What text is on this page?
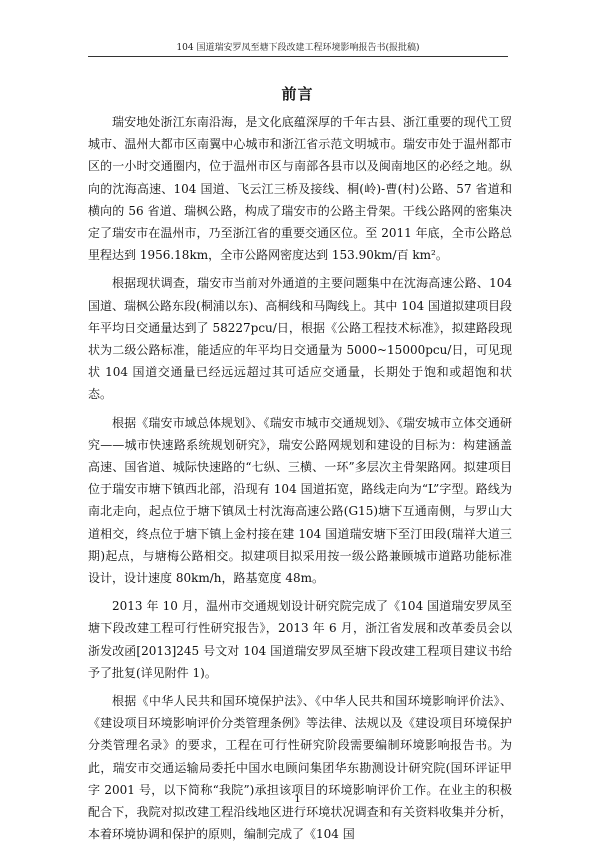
104 国道瑞安罗凤至塘下段改建工程环境影响报告书(报批稿)
前言

瑞安地处浙江东南沿海，是文化底蕴深厚的千年古县、浙江重要的现代工贸城市、温州大都市区南翼中心城市和浙江省示范文明城市。瑞安市处于温州都市区的一小时交通圈内，位于温州市区与南部各县市以及闽南地区的必经之地。纵向的沈海高速、104 国道、飞云江三桥及接线、桐(岭)-曹(村)公路、57 省道和横向的 56 省道、瑞枫公路，构成了瑞安市的公路主骨架。干线公路网的密集决定了瑞安市在温州市，乃至浙江省的重要交通区位。至 2011 年底，全市公路总里程达到 1956.18km，全市公路网密度达到 153.90km/百 km²。

根据现状调查，瑞安市当前对外通道的主要问题集中在沈海高速公路、104 国道、瑞枫公路东段(桐浦以东)、高桐线和马陶线上。其中 104 国道拟建项目段年平均日交通量达到了 58227pcu/日，根据《公路工程技术标准》，拟建路段现状为二级公路标准，能适应的年平均日交通量为 5000~15000pcu/日，可见现状 104 国道交通量已经远远超过其可适应交通量，长期处于饱和或超饱和状态。

根据《瑞安市域总体规划》、《瑞安市城市交通规划》、《瑞安城市立体交通研究——城市快速路系统规划研究》，瑞安公路网规划和建设的目标为：构建涵盖高速、国省道、城际快速路的“七纵、三横、一环”多层次主骨架路网。拟建项目位于瑞安市塘下镇西北部，沿现有 104 国道拓宽，路线走向为“L”字型。路线为南北走向，起点位于塘下镇凤士村沈海高速公路(G15)塘下互通南侧，与罗山大道相交，终点位于塘下镇上金村接在建 104 国道瑞安塘下至汀田段(瑞祥大道三期)起点，与塘梅公路相交。拟建项目拟采用按一级公路兼顾城市道路功能标准设计，设计速度 80km/h，路基宽度 48m。

2013 年 10 月，温州市交通规划设计研究院完成了《104 国道瑞安罗凤至塘下段改建工程可行性研究报告》，2013 年 6 月，浙江省发展和改革委员会以浙发改函[2013]245 号文对 104 国道瑞安罗凤至塘下段改建工程项目建议书给予了批复(详见附件 1)。

根据《中华人民共和国环境保护法》、《中华人民共和国环境影响评价法》、《建设项目环境影响评价分类管理条例》等法律、法规以及《建设项目环境保护分类管理名录》的要求，工程在可行性研究阶段需要编制环境影响报告书。为此，瑞安市交通运输局委托中国水电顾问集团华东勘测设计研究院(国环评证甲字 2001 号，以下简称“我院”)承担该项目的环境影响评价工作。在业主的积极配合下，我院对拟改建工程沿线地区进行环境状况调查和有关资料收集并分析，本着环境协调和保护的原则，编制完成了《104 国

1
